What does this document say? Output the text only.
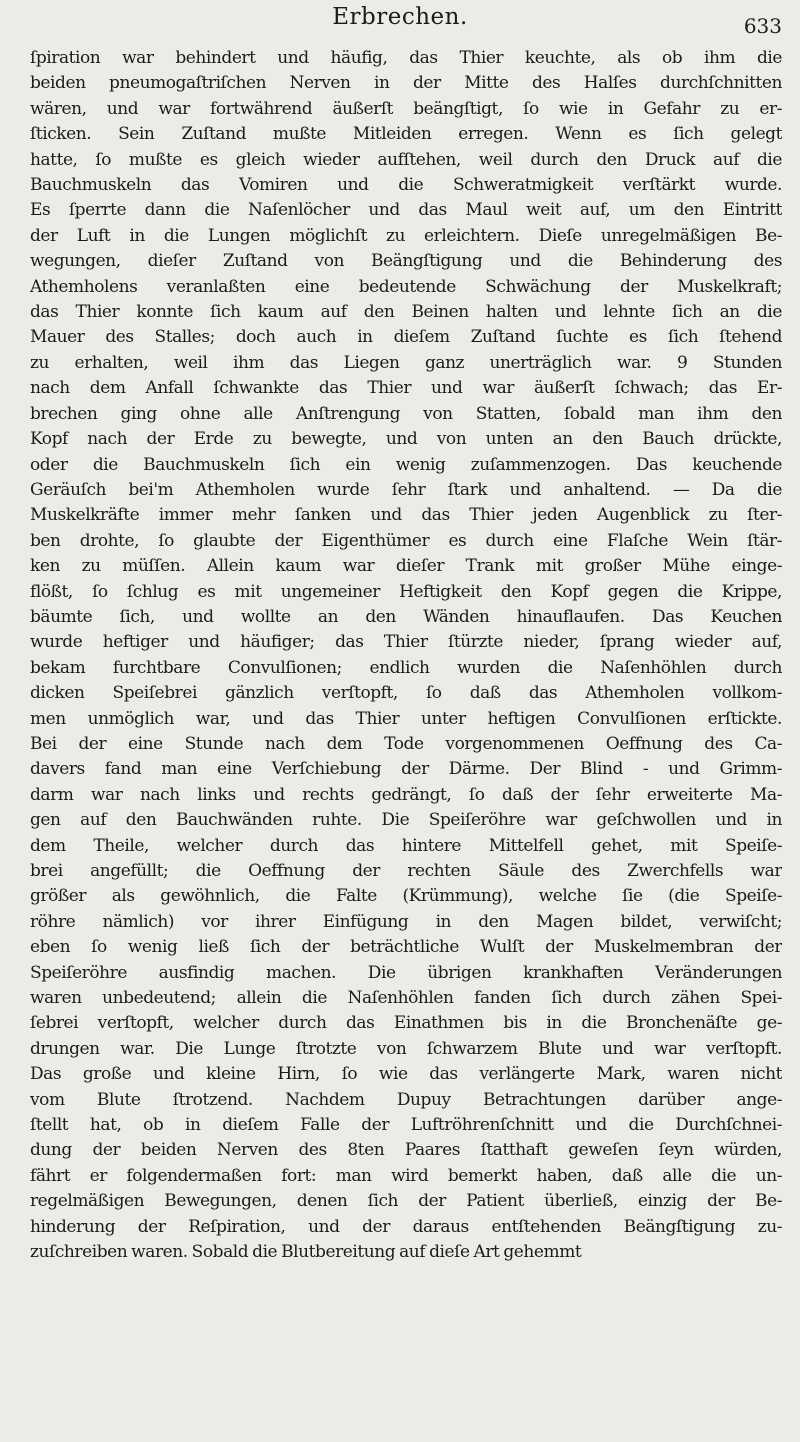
Erbrechen.	633
ſpiration war behindert und häufig, das Thier keuchte, als ob ihm die
beiden pneumogaſtriſchen Nerven in der Mitte des Halſes durchſchnitten
wären, und war fortwährend äußerſt beängſtigt, ſo wie in Gefahr zu er-
ſticken. Sein Zuſtand mußte Mitleiden erregen. Wenn es ſich gelegt
hatte, ſo mußte es gleich wieder aufſtehen, weil durch den Druck auf die
Bauchmuskeln das Vomiren und die Schweratmigkeit verſtärkt wurde.
Es ſperrte dann die Naſenlöcher und das Maul weit auf, um den Eintritt
der Luft in die Lungen möglichſt zu erleichtern. Dieſe unregelmäßigen Be-
wegungen, dieſer Zuſtand von Beängſtigung und die Behinderung des
Athemholens veranlaßten eine bedeutende Schwächung der Muskelkraft;
das Thier konnte ſich kaum auf den Beinen halten und lehnte ſich an die
Mauer des Stalles; doch auch in dieſem Zuſtand ſuchte es ſich ſtehend
zu erhalten, weil ihm das Liegen ganz unerträglich war. 9 Stunden
nach dem Anfall ſchwankte das Thier und war äußerſt ſchwach; das Er-
brechen ging ohne alle Anſtrengung von Statten, ſobald man ihm den
Kopf nach der Erde zu bewegte, und von unten an den Bauch drückte,
oder die Bauchmuskeln ſich ein wenig zuſammenzogen. Das keuchende
Geräuſch bei'm Athemholen wurde ſehr ſtark und anhaltend. — Da die
Muskelkräfte immer mehr ſanken und das Thier jeden Augenblick zu ſter-
ben drohte, ſo glaubte der Eigenthümer es durch eine Flaſche Wein ſtär-
ken zu müſſen. Allein kaum war dieſer Trank mit großer Mühe einge-
flößt, ſo ſchlug es mit ungemeiner Heftigkeit den Kopf gegen die Krippe,
bäumte ſich, und wollte an den Wänden hinauflaufen. Das Keuchen
wurde heftiger und häufiger; das Thier ſtürzte nieder, ſprang wieder auf,
bekam furchtbare Convulſionen; endlich wurden die Naſenhöhlen durch
dicken Speiſebrei gänzlich verſtopft, ſo daß das Athemholen vollkom-
men unmöglich war, und das Thier unter heftigen Convulſionen erſtickte.
Bei der eine Stunde nach dem Tode vorgenommenen Oeffnung des Ca-
davers fand man eine Verſchiebung der Därme. Der Blind - und Grimm-
darm war nach links und rechts gedrängt, ſo daß der ſehr erweiterte Ma-
gen auf den Bauchwänden ruhte. Die Speiſeröhre war geſchwollen und in
dem Theile, welcher durch das hintere Mittelfell gehet, mit Speiſe-
brei angefüllt; die Oeffnung der rechten Säule des Zwerchfells war
größer als gewöhnlich, die Falte (Krümmung), welche ſie (die Speiſe-
röhre nämlich) vor ihrer Einfügung in den Magen bildet, verwiſcht;
eben ſo wenig ließ ſich der beträchtliche Wulſt der Muskelmembran der
Speiſeröhre ausfindig machen. Die übrigen krankhaften Veränderungen
waren unbedeutend; allein die Naſenhöhlen fanden ſich durch zähen Spei-
ſebrei verſtopft, welcher durch das Einathmen bis in die Bronchenäſte ge-
drungen war. Die Lunge ſtrotzte von ſchwarzem Blute und war verſtopft.
Das große und kleine Hirn, ſo wie das verlängerte Mark, waren nicht
vom Blute ſtrotzend. Nachdem Dupuy Betrachtungen darüber ange-
ſtellt hat, ob in dieſem Falle der Luftröhrenſchnitt und die Durchſchnei-
dung der beiden Nerven des 8ten Paares ſtatthaft geweſen ſeyn würden,
fährt er folgendermaßen fort: man wird bemerkt haben, daß alle die un-
regelmäßigen Bewegungen, denen ſich der Patient überließ, einzig der Be-
hinderung der Reſpiration, und der daraus entſtehenden Beängſtigung zu-
zuſchreiben waren. Sobald die Blutbereitung auf dieſe Art gehemmt
